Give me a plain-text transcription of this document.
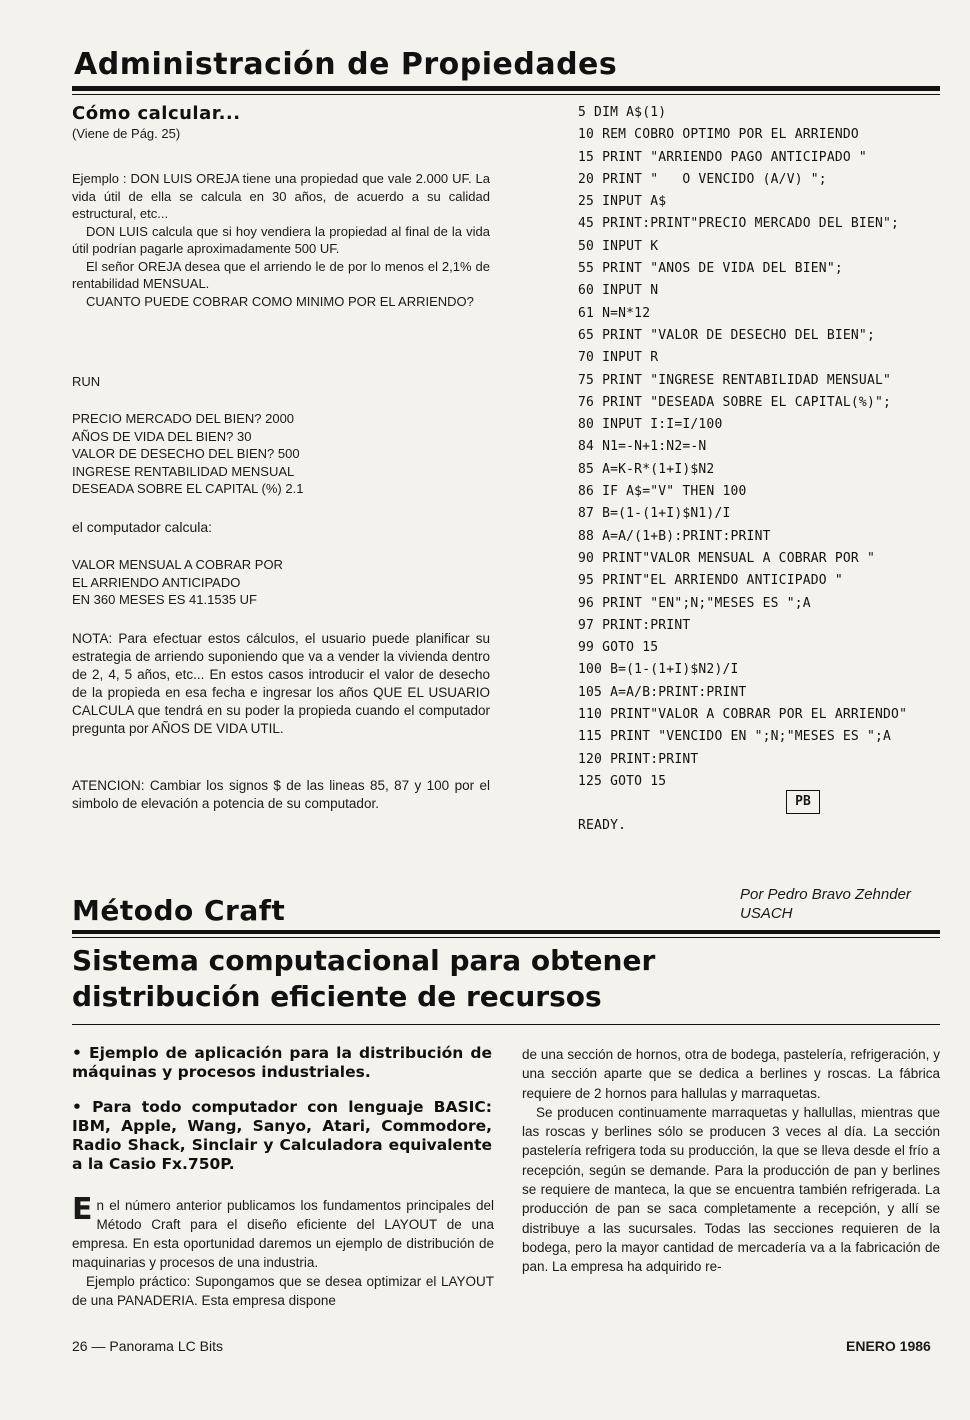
Administración de Propiedades
Cómo calcular...
(Viene de Pág. 25)

Ejemplo : DON LUIS OREJA tiene una propiedad que vale 2.000 UF. La vida útil de ella se calcula en 30 años, de acuerdo a su calidad estructural, etc...

DON LUIS calcula que si hoy vendiera la propiedad al final de la vida útil podrían pagarle aproximadamente 500 UF.

El señor OREJA desea que el arriendo le de por lo menos el 2,1% de rentabilidad MENSUAL.

CUANTO PUEDE COBRAR COMO MINIMO POR EL ARRIENDO?

RUN
PRECIO MERCADO DEL BIEN? 2000
AÑOS DE VIDA DEL BIEN? 30
VALOR DE DESECHO DEL BIEN? 500
INGRESE RENTABILIDAD MENSUAL
DESEADA SOBRE EL CAPITAL (%) 2.1
el computador calcula:
VALOR MENSUAL A COBRAR POR
EL ARRIENDO ANTICIPADO
EN 360 MESES ES 41.1535 UF
NOTA: Para efectuar estos cálculos, el usuario puede planificar su estrategia de arriendo suponiendo que va a vender la vivienda dentro de 2, 4, 5 años, etc... En estos casos introducir el valor de desecho de la propieda en esa fecha e ingresar los años QUE EL USUARIO CALCULA que tendrá en su poder la propieda cuando el computador pregunta por AÑOS DE VIDA UTIL.
ATENCION: Cambiar los signos $ de las lineas 85, 87 y 100 por el simbolo de elevación a potencia de su computador.
5 DIM A$(1)
10 REM COBRO OPTIMO POR EL ARRIENDO
15 PRINT "ARRIENDO PAGO ANTICIPADO "
20 PRINT "   O VENCIDO (A/V) ";
25 INPUT A$
45 PRINT:PRINT"PRECIO MERCADO DEL BIEN";
50 INPUT K
55 PRINT "ANOS DE VIDA DEL BIEN";
60 INPUT N
61 N=N*12
65 PRINT "VALOR DE DESECHO DEL BIEN";
70 INPUT R
75 PRINT "INGRESE RENTABILIDAD MENSUAL"
76 PRINT "DESEADA SOBRE EL CAPITAL(%)";
80 INPUT I:I=I/100
84 N1=-N+1:N2=-N
85 A=K-R*(1+I)$N2
86 IF A$="V" THEN 100
87 B=(1-(1+I)$N1)/I
88 A=A/(1+B):PRINT:PRINT
90 PRINT"VALOR MENSUAL A COBRAR POR "
95 PRINT"EL ARRIENDO ANTICIPADO "
96 PRINT "EN";N;"MESES ES ";A
97 PRINT:PRINT
99 GOTO 15
100 B=(1-(1+I)$N2)/I
105 A=A/B:PRINT:PRINT
110 PRINT"VALOR A COBRAR POR EL ARRIENDO"
115 PRINT "VENCIDO EN ";N;"MESES ES ";A
120 PRINT:PRINT
125 GOTO 15
PB
READY.
Por Pedro Bravo Zehnder
USACH
Método Craft
Sistema computacional para obtener
distribución eficiente de recursos
• Ejemplo de aplicación para la distribución de máquinas y procesos industriales.
• Para todo computador con lenguaje BASIC: IBM, Apple, Wang, Sanyo, Atari, Commodore, Radio Shack, Sinclair y Calculadora equivalente a la Casio Fx.750P.
E n el número anterior publicamos los fundamentos principales del Método Craft para el diseño eficiente del LAYOUT de una empresa. En esta oportunidad daremos un ejemplo de distribución de maquinarias y procesos de una industria.

Ejemplo práctico: Supongamos que se desea optimizar el LAYOUT de una PANADERIA. Esta empresa dispone

de una sección de hornos, otra de bodega, pastelería, refrigeración, y una sección aparte que se dedica a berlines y roscas. La fábrica requiere de 2 hornos para hallulas y marraquetas.

Se producen continuamente marraquetas y hallullas, mientras que las roscas y berlines sólo se producen 3 veces al día. La sección pastelería refrigera toda su producción, la que se lleva desde el frío a recepción, según se demande. Para la producción de pan y berlines se requiere de manteca, la que se encuentra también refrigerada. La producción de pan se saca completamente a recepción, y allí se distribuye a las sucursales. Todas las secciones requieren de la bodega, pero la mayor cantidad de mercadería va a la fabricación de pan. La empresa ha adquirido re-

26 — Panorama LC Bits	ENERO 1986
